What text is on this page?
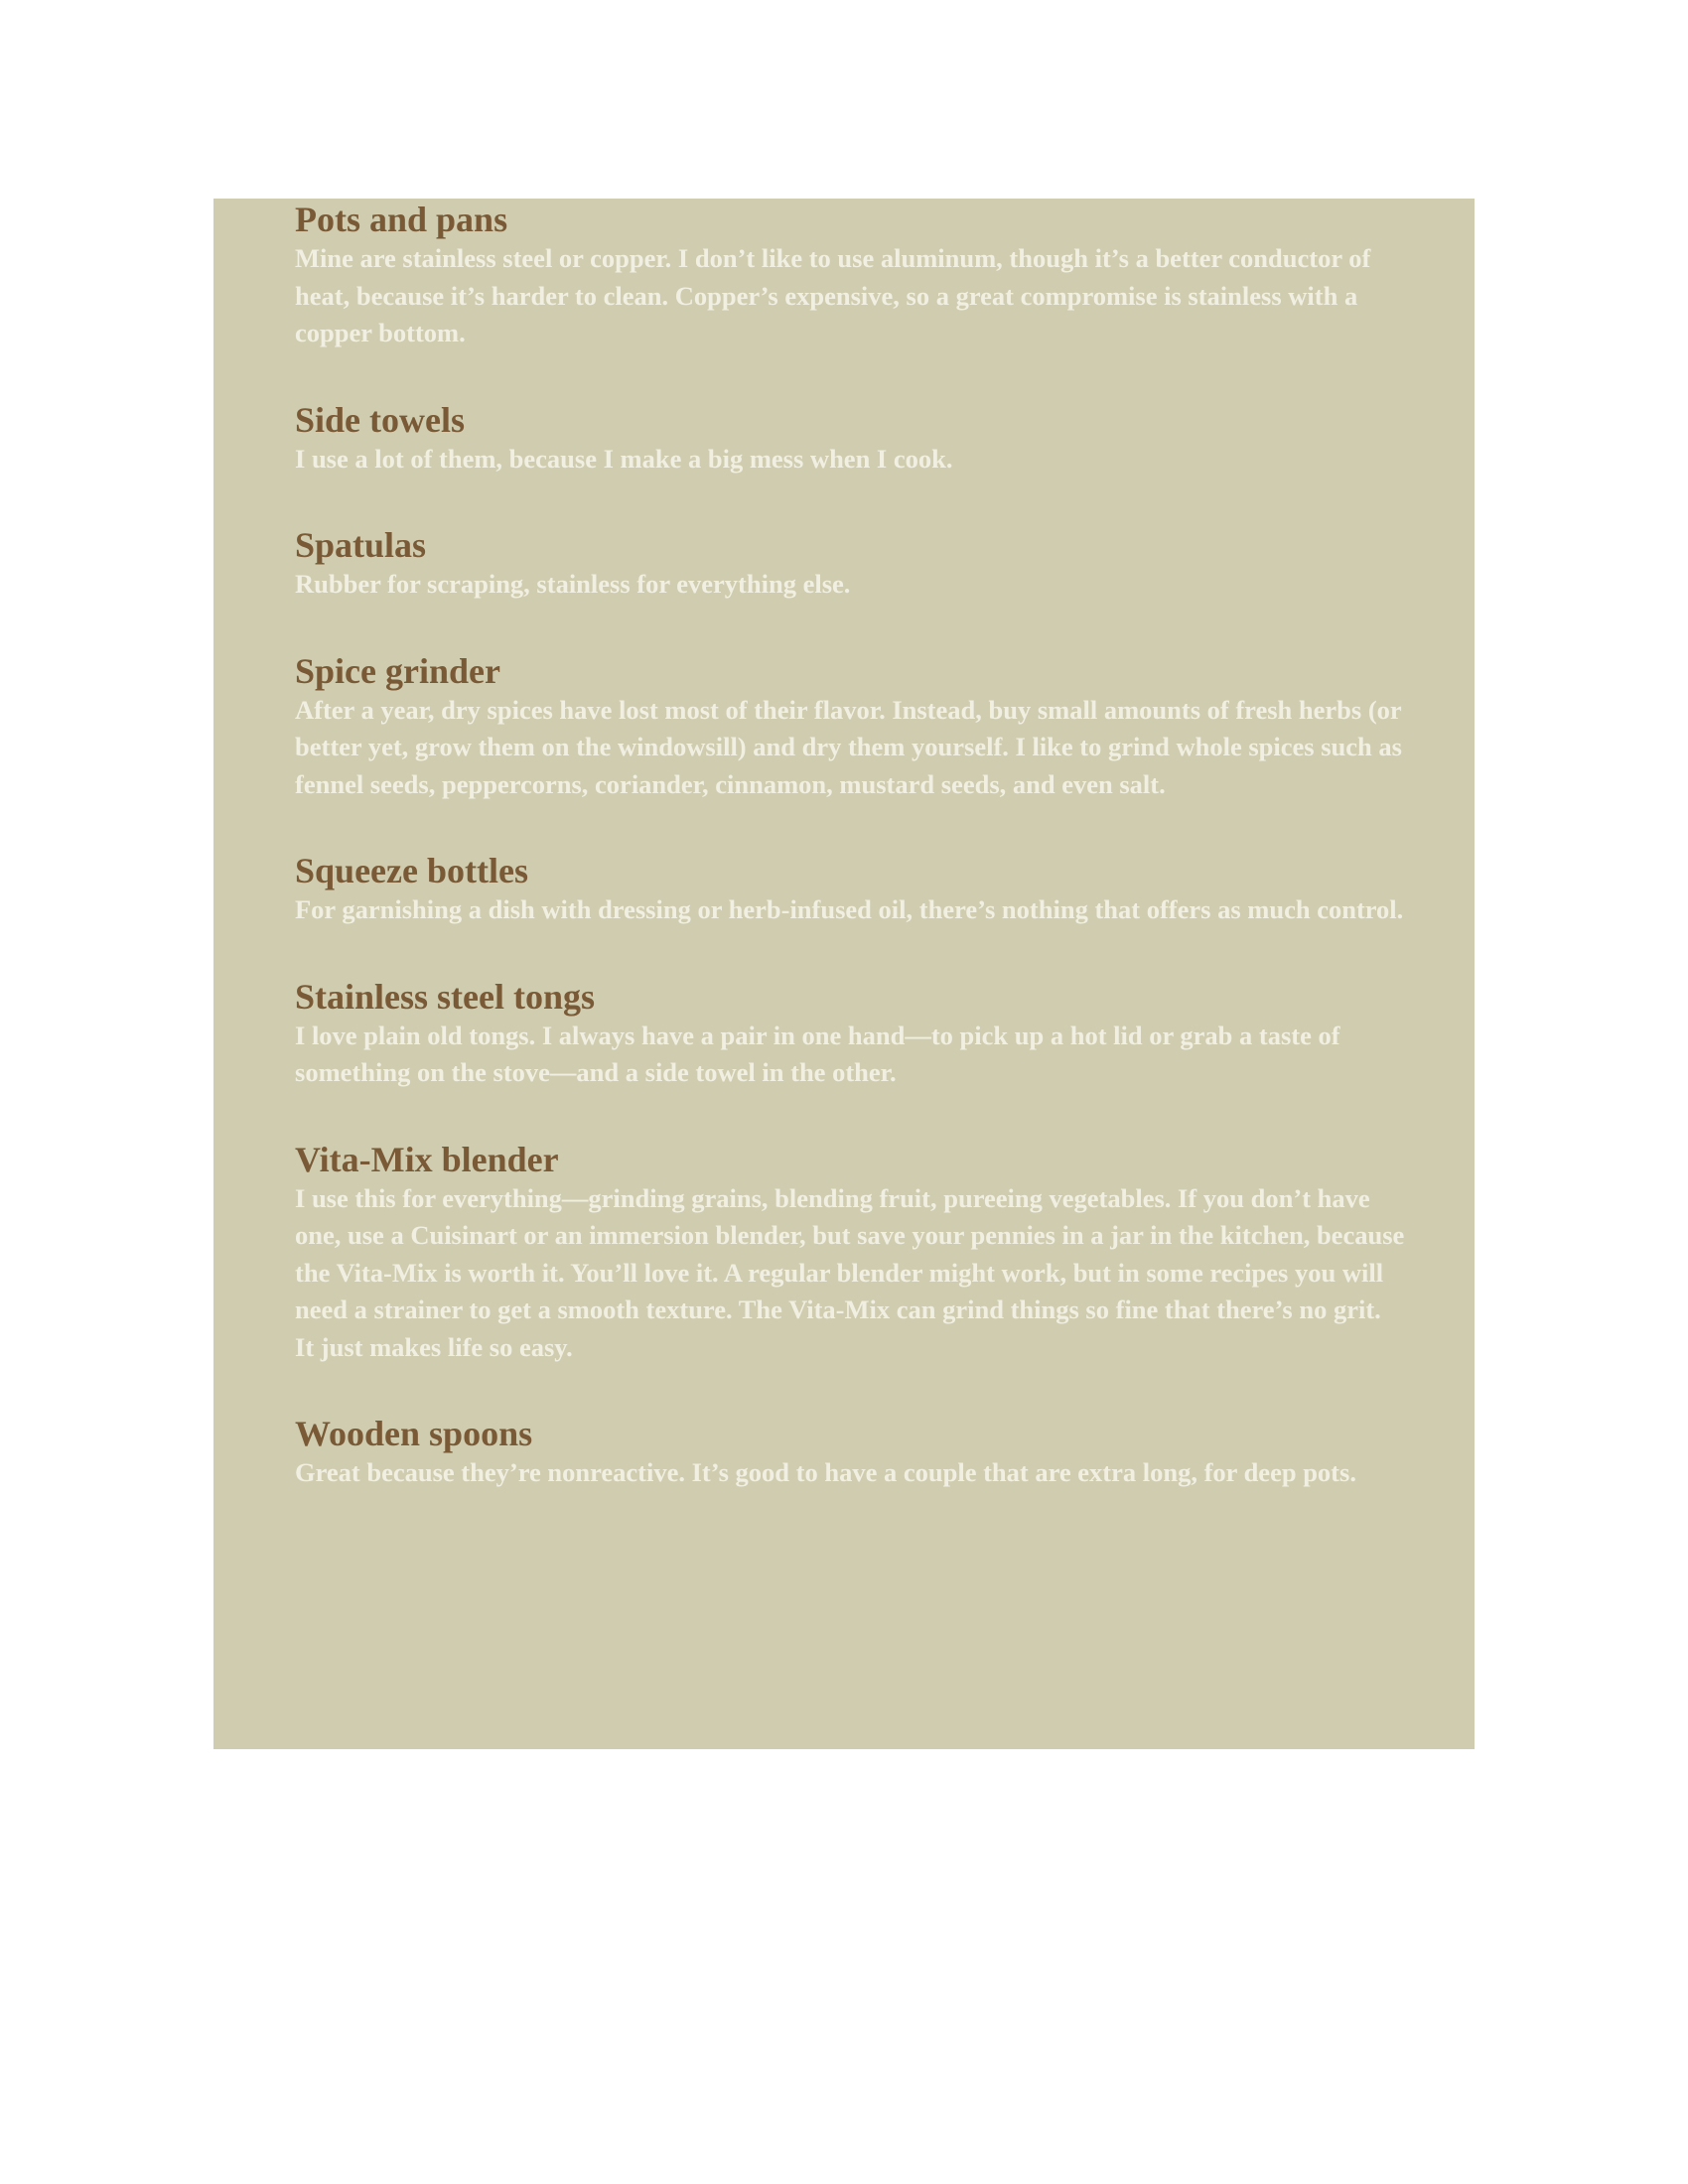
Pots and pans

Mine are stainless steel or copper. I don’t like to use aluminum, though it’s a better conductor of heat, because it’s harder to clean. Copper’s expensive, so a great compromise is stainless with a copper bottom.

Side towels

I use a lot of them, because I make a big mess when I cook.

Spatulas

Rubber for scraping, stainless for everything else.

Spice grinder

After a year, dry spices have lost most of their flavor. Instead, buy small amounts of fresh herbs (or better yet, grow them on the windowsill) and dry them yourself. I like to grind whole spices such as fennel seeds, peppercorns, coriander, cinnamon, mustard seeds, and even salt.

Squeeze bottles

For garnishing a dish with dressing or herb-infused oil, there’s nothing that offers as much control.

Stainless steel tongs

I love plain old tongs. I always have a pair in one hand—to pick up a hot lid or grab a taste of something on the stove—and a side towel in the other.

Vita-Mix blender

I use this for everything—grinding grains, blending fruit, pureeing vegetables. If you don’t have one, use a Cuisinart or an immersion blender, but save your pennies in a jar in the kitchen, because the Vita-Mix is worth it. You’ll love it. A regular blender might work, but in some recipes you will need a strainer to get a smooth texture. The Vita-Mix can grind things so fine that there’s no grit. It just makes life so easy.

Wooden spoons

Great because they’re nonreactive. It’s good to have a couple that are extra long, for deep pots.
